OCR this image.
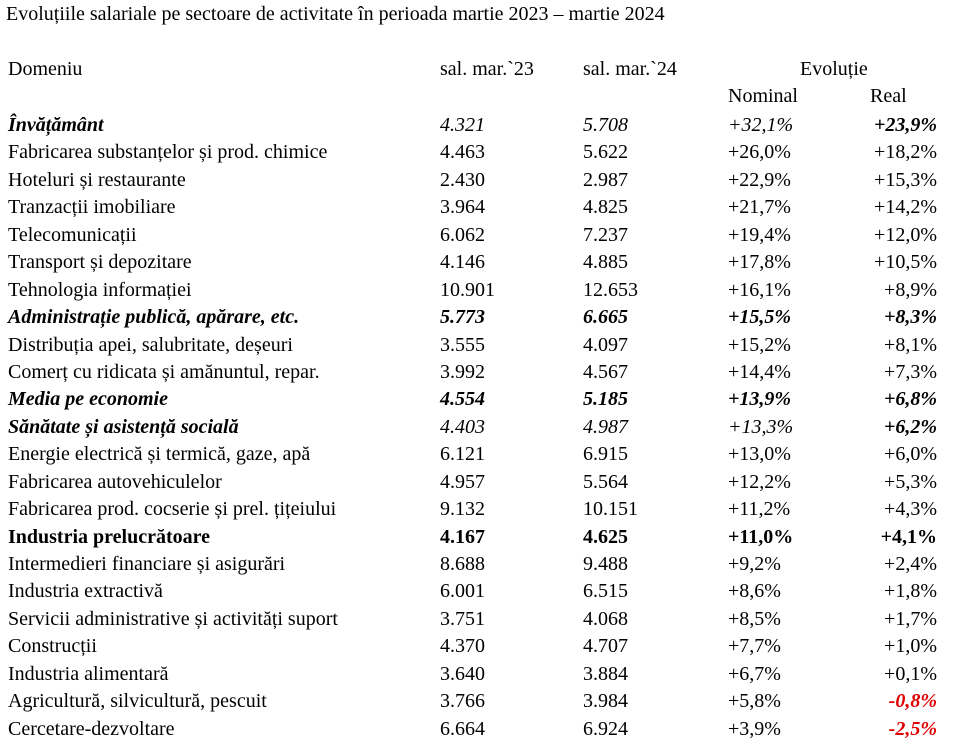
Evoluțiile salariale pe sectoare de activitate în perioada martie 2023 – martie 2024
Domeniu	sal. mar.`23 sal. mar.`24	Evoluție
Nominal	Real
Învățământ	4.321	5.708	+32,1%	+23,9%
Fabricarea substanțelor și prod. chimice	4.463	5.622	+26,0%	+18,2%
Hoteluri și restaurante	2.430	2.987	+22,9%	+15,3%
Tranzacții imobiliare	3.964	4.825	+21,7%	+14,2%
Telecomunicații	6.062	7.237	+19,4%	+12,0%
Transport și depozitare	4.146	4.885	+17,8%	+10,5%
Tehnologia informației	10.901	12.653	+16,1%	+8,9%
Administrație publică, apărare, etc.	5.773	6.665	+15,5%	+8,3%
Distribuția apei, salubritate, deșeuri	3.555	4.097	+15,2%	+8,1%
Comerț cu ridicata și amănuntul, repar.	3.992	4.567	+14,4%	+7,3%
Media pe economie	4.554	5.185	+13,9%	+6,8%
Sănătate și asistență socială	4.403	4.987	+13,3%	+6,2%
Energie electrică și termică, gaze, apă	6.121	6.915	+13,0%	+6,0%
Fabricarea autovehiculelor	4.957	5.564	+12,2%	+5,3%
Fabricarea prod. cocserie și prel. țițeiului	9.132	10.151	+11,2%	+4,3%
Industria prelucrătoare	4.167	4.625	+11,0%	+4,1%
Intermedieri financiare și asigurări	8.688	9.488	+9,2%	+2,4%
Industria extractivă	6.001	6.515	+8,6%	+1,8%
Servicii administrative și activități suport	3.751	4.068	+8,5%	+1,7%
Construcții	4.370	4.707	+7,7%	+1,0%
Industria alimentară	3.640	3.884	+6,7%	+0,1%
Agricultură, silvicultură, pescuit	3.766	3.984	+5,8%	-0,8%
Cercetare-dezvoltare	6.664	6.924	+3,9%	-2,5%
